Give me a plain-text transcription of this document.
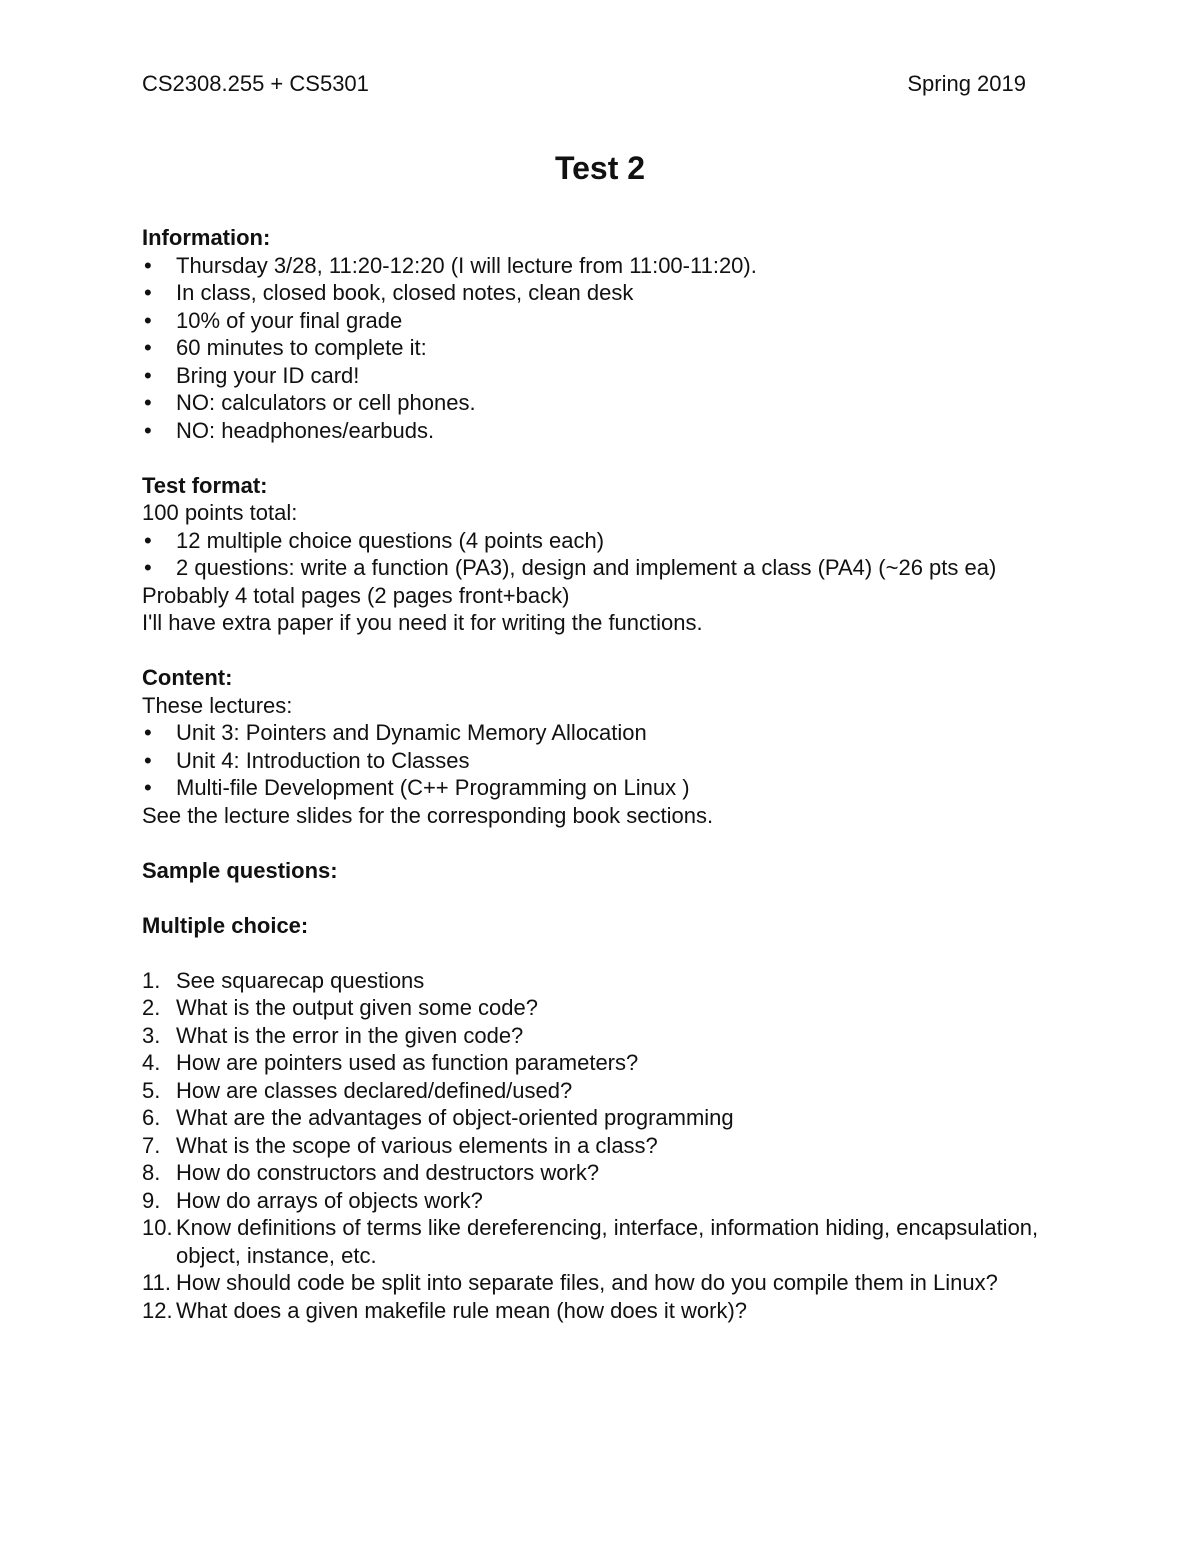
CS2308.255 + CS5301	Spring 2019
Test 2

Information:

• Thursday 3/28, 11:20-12:20 (I will lecture from 11:00-11:20).
• In class, closed book, closed notes, clean desk
• 10% of your final grade
• 60 minutes to complete it:
• Bring your ID card!
• NO: calculators or cell phones.
• NO: headphones/earbuds.

Test format:

100 points total:

• 12 multiple choice questions (4 points each)
• 2 questions: write a function (PA3), design and implement a class (PA4) (~26 pts ea)

Probably 4 total pages (2 pages front+back)

I'll have extra paper if you need it for writing the functions.

Content:

These lectures:

• Unit 3: Pointers and Dynamic Memory Allocation
• Unit 4: Introduction to Classes
• Multi-file Development (C++ Programming on Linux )

See the lecture slides for the corresponding book sections.

Sample questions:

Multiple choice:

1. See squarecap questions
2. What is the output given some code?
3. What is the error in the given code?
4. How are pointers used as function parameters?
5. How are classes declared/defined/used?
6. What are the advantages of object-oriented programming
7. What is the scope of various elements in a class?
8. How do constructors and destructors work?
9. How do arrays of objects work?
10. Know definitions of terms like dereferencing, interface, information hiding, encapsulation, object, instance, etc.
11. How should code be split into separate files, and how do you compile them in Linux?
12. What does a given makefile rule mean (how does it work)?
